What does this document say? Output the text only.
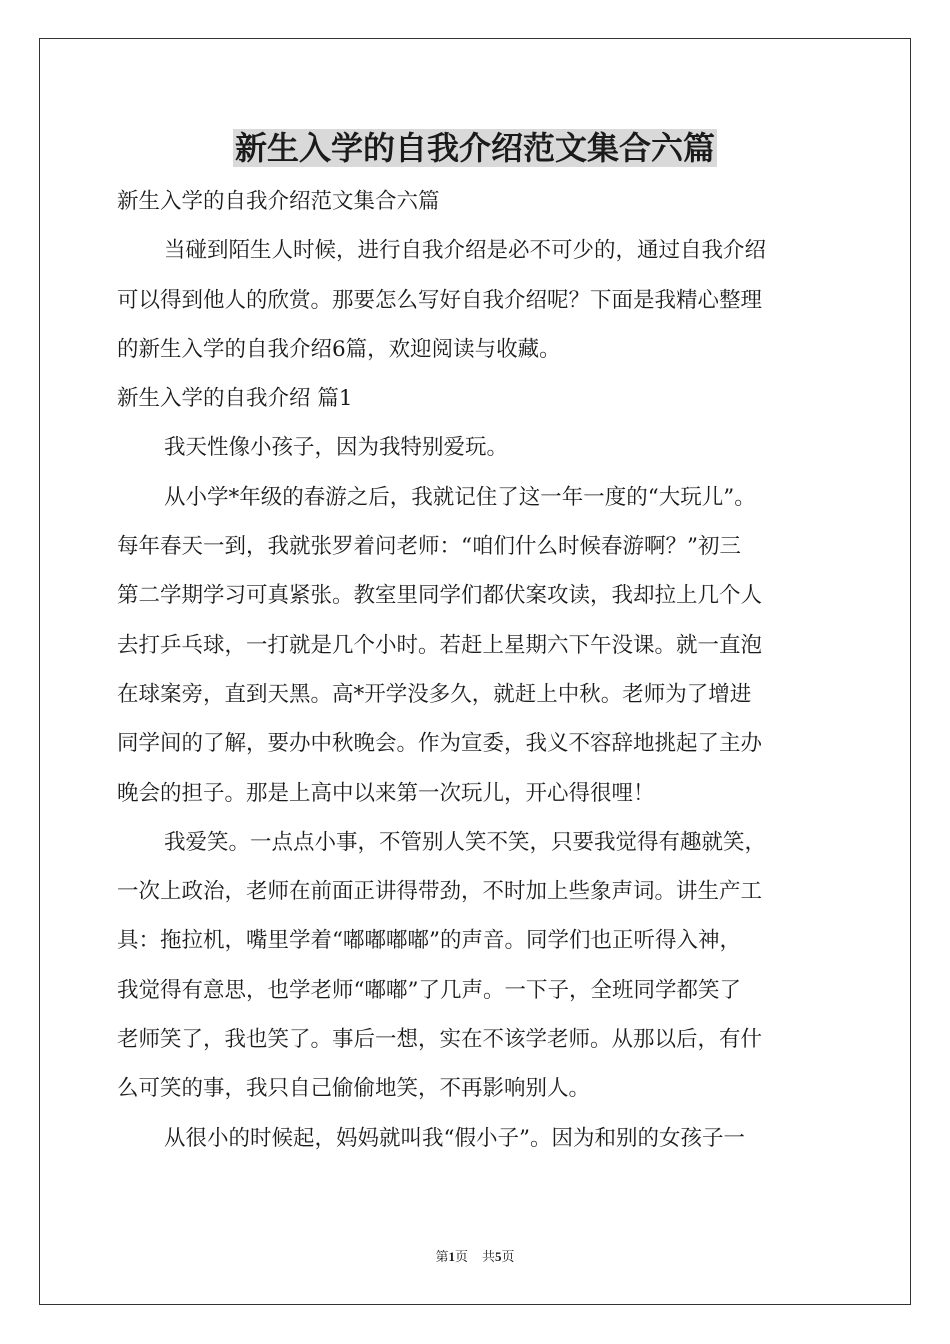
新生入学的自我介绍范文集合六篇
新生入学的自我介绍范文集合六篇
当碰到陌生人时候，进行自我介绍是必不可少的，通过自我介绍
可以得到他人的欣赏。那要怎么写好自我介绍呢？下面是我精心整理
的新生入学的自我介绍6篇，欢迎阅读与收藏。
新生入学的自我介绍 篇1
我天性像小孩子，因为我特别爱玩。
从小学*年级的春游之后，我就记住了这一年一度的“大玩儿”。
每年春天一到，我就张罗着问老师：“咱们什么时候春游啊？”初三
第二学期学习可真紧张。教室里同学们都伏案攻读，我却拉上几个人
去打乒乓球，一打就是几个小时。若赶上星期六下午没课。就一直泡
在球案旁，直到天黑。高*开学没多久，就赶上中秋。老师为了增进
同学间的了解，要办中秋晚会。作为宣委，我义不容辞地挑起了主办
晚会的担子。那是上高中以来第一次玩儿，开心得很哩！
我爱笑。一点点小事，不管别人笑不笑，只要我觉得有趣就笑，
一次上政治，老师在前面正讲得带劲，不时加上些象声词。讲生产工
具：拖拉机，嘴里学着“嘟嘟嘟嘟”的声音。同学们也正听得入神，
我觉得有意思，也学老师“嘟嘟”了几声。一下子，全班同学都笑了
老师笑了，我也笑了。事后一想，实在不该学老师。从那以后，有什
么可笑的事，我只自己偷偷地笑，不再影响别人。
从很小的时候起，妈妈就叫我“假小子”。因为和别的女孩子一
第1页 共5页
